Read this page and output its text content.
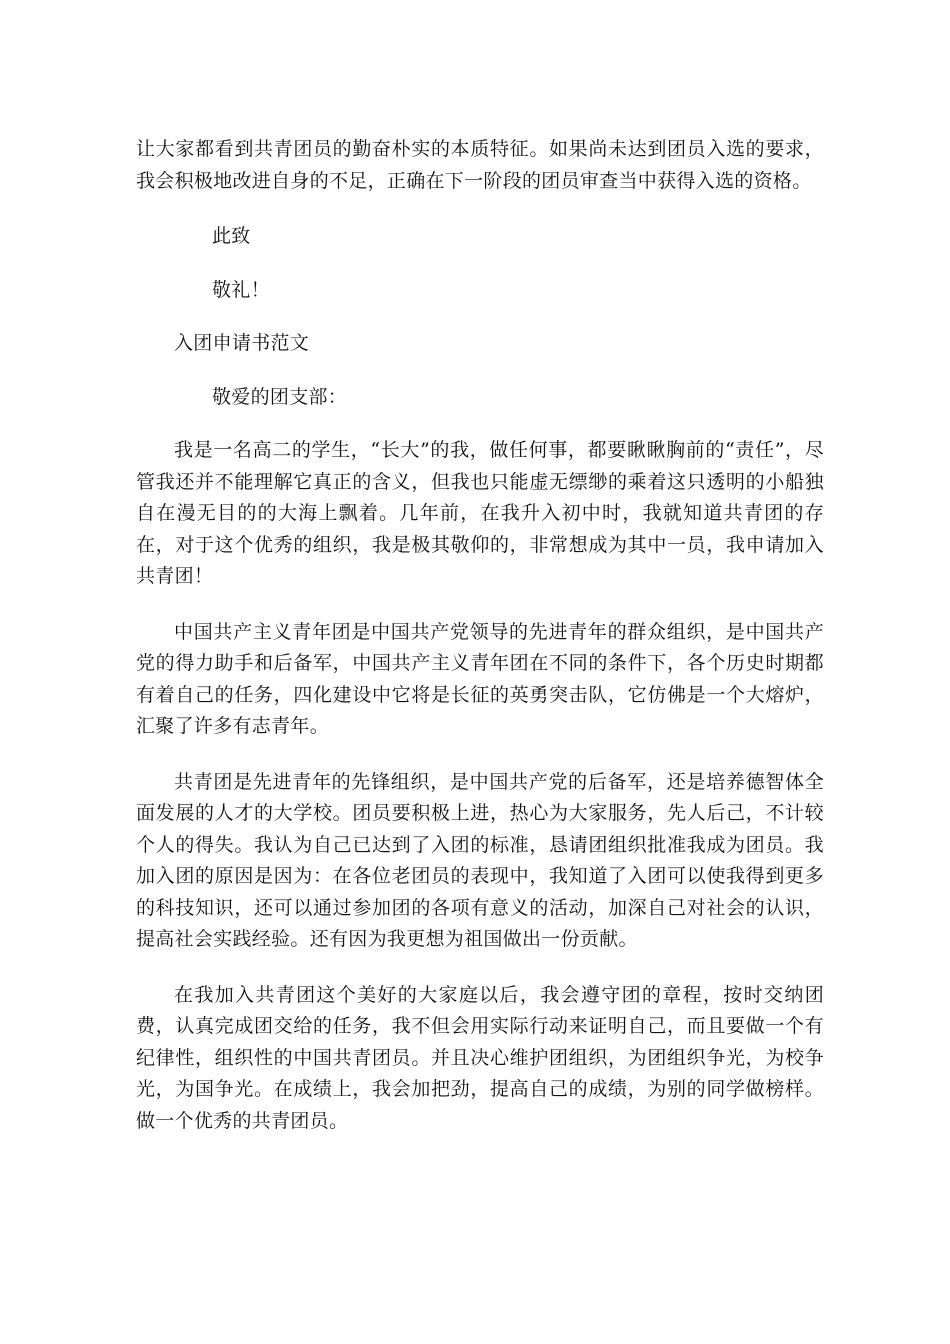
让大家都看到共青团员的勤奋朴实的本质特征。如果尚未达到团员入选的要求，我会积极地改进自身的不足，正确在下一阶段的团员审查当中获得入选的资格。

此致
敬礼！
入团申请书范文
敬爱的团支部：

我是一名高二的学生，“长大”的我，做任何事，都要瞅瞅胸前的“责任”，尽管我还并不能理解它真正的含义，但我也只能虚无缥缈的乘着这只透明的小船独自在漫无目的的大海上飘着。几年前，在我升入初中时，我就知道共青团的存在，对于这个优秀的组织，我是极其敬仰的，非常想成为其中一员，我申请加入共青团！

中国共产主义青年团是中国共产党领导的先进青年的群众组织，是中国共产党的得力助手和后备军，中国共产主义青年团在不同的条件下，各个历史时期都有着自己的任务，四化建设中它将是长征的英勇突击队，它仿佛是一个大熔炉，汇聚了许多有志青年。

共青团是先进青年的先锋组织，是中国共产党的后备军，还是培养德智体全面发展的人才的大学校。团员要积极上进，热心为大家服务，先人后己，不计较个人的得失。我认为自己已达到了入团的标准，恳请团组织批准我成为团员。我加入团的原因是因为：在各位老团员的表现中，我知道了入团可以使我得到更多的科技知识，还可以通过参加团的各项有意义的活动，加深自己对社会的认识，提高社会实践经验。还有因为我更想为祖国做出一份贡献。

在我加入共青团这个美好的大家庭以后，我会遵守团的章程，按时交纳团费，认真完成团交给的任务，我不但会用实际行动来证明自己，而且要做一个有纪律性，组织性的中国共青团员。并且决心维护团组织，为团组织争光，为校争光，为国争光。在成绩上，我会加把劲，提高自己的成绩，为别的同学做榜样。做一个优秀的共青团员。
